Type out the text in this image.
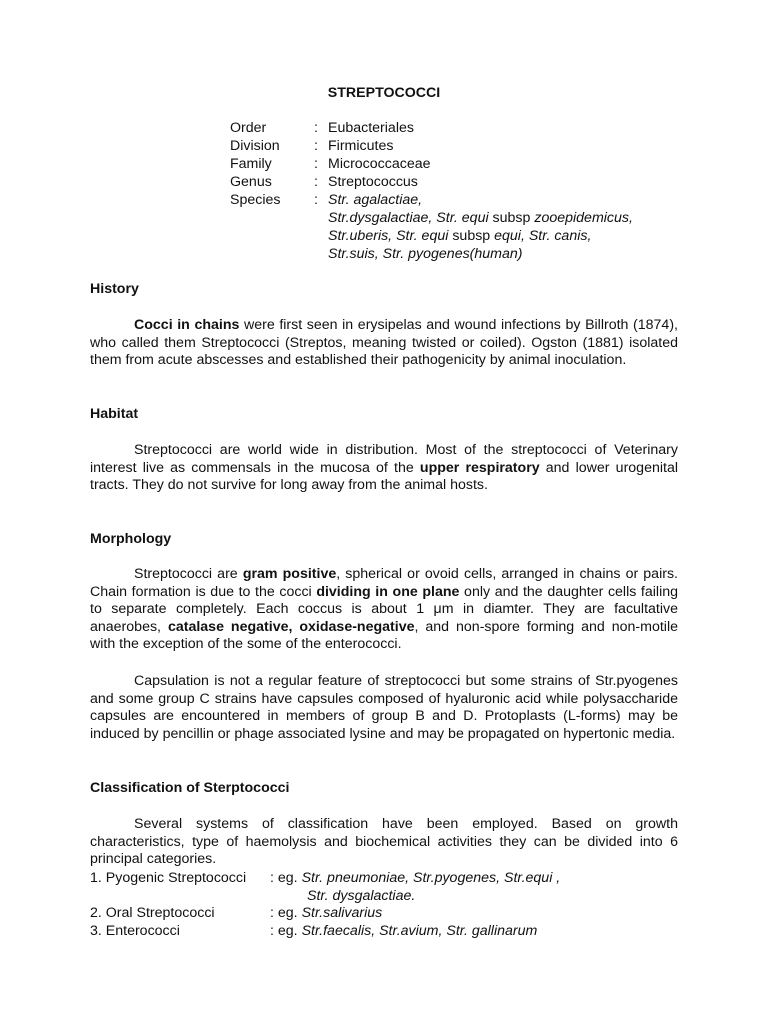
STREPTOCOCCI
Order	: Eubacteriales
Division	: Firmicutes
Family	: Micrococcaceae
Genus	: Streptococcus
Species	: Str. agalactiae,
Str.dysgalactiae, Str. equi subsp zooepidemicus,
Str.uberis, Str. equi subsp equi, Str. canis,
Str.suis, Str. pyogenes(human)
History
Cocci in chains were first seen in erysipelas and wound infections by Billroth (1874), who called them Streptococci (Streptos, meaning twisted or coiled). Ogston (1881) isolated them from acute abscesses and established their pathogenicity by animal inoculation.
Habitat
Streptococci are world wide in distribution. Most of the streptococci of Veterinary interest live as commensals in the mucosa of the upper respiratory and lower urogenital tracts. They do not survive for long away from the animal hosts.
Morphology
Streptococci are gram positive, spherical or ovoid cells, arranged in chains or pairs. Chain formation is due to the cocci dividing in one plane only and the daughter cells failing to separate completely. Each coccus is about 1 μm in diamter. They are facultative anaerobes, catalase negative, oxidase-negative, and non-spore forming and non-motile with the exception of the some of the enterococci.
Capsulation is not a regular feature of streptococci but some strains of Str.pyogenes and some group C strains have capsules composed of hyaluronic acid while polysaccharide capsules are encountered in members of group B and D. Protoplasts (L-forms) may be induced by pencillin or phage associated lysine and may be propagated on hypertonic media.
Classification of Sterptococci
Several systems of classification have been employed. Based on growth characteristics, type of haemolysis and biochemical activities they can be divided into 6 principal categories.
1. Pyogenic Streptococci	: eg. Str. pneumoniae, Str.pyogenes, Str.equi ,
Str. dysgalactiae.
2. Oral Streptococci	: eg. Str.salivarius
3. Enterococci	: eg. Str.faecalis, Str.avium, Str. gallinarum
